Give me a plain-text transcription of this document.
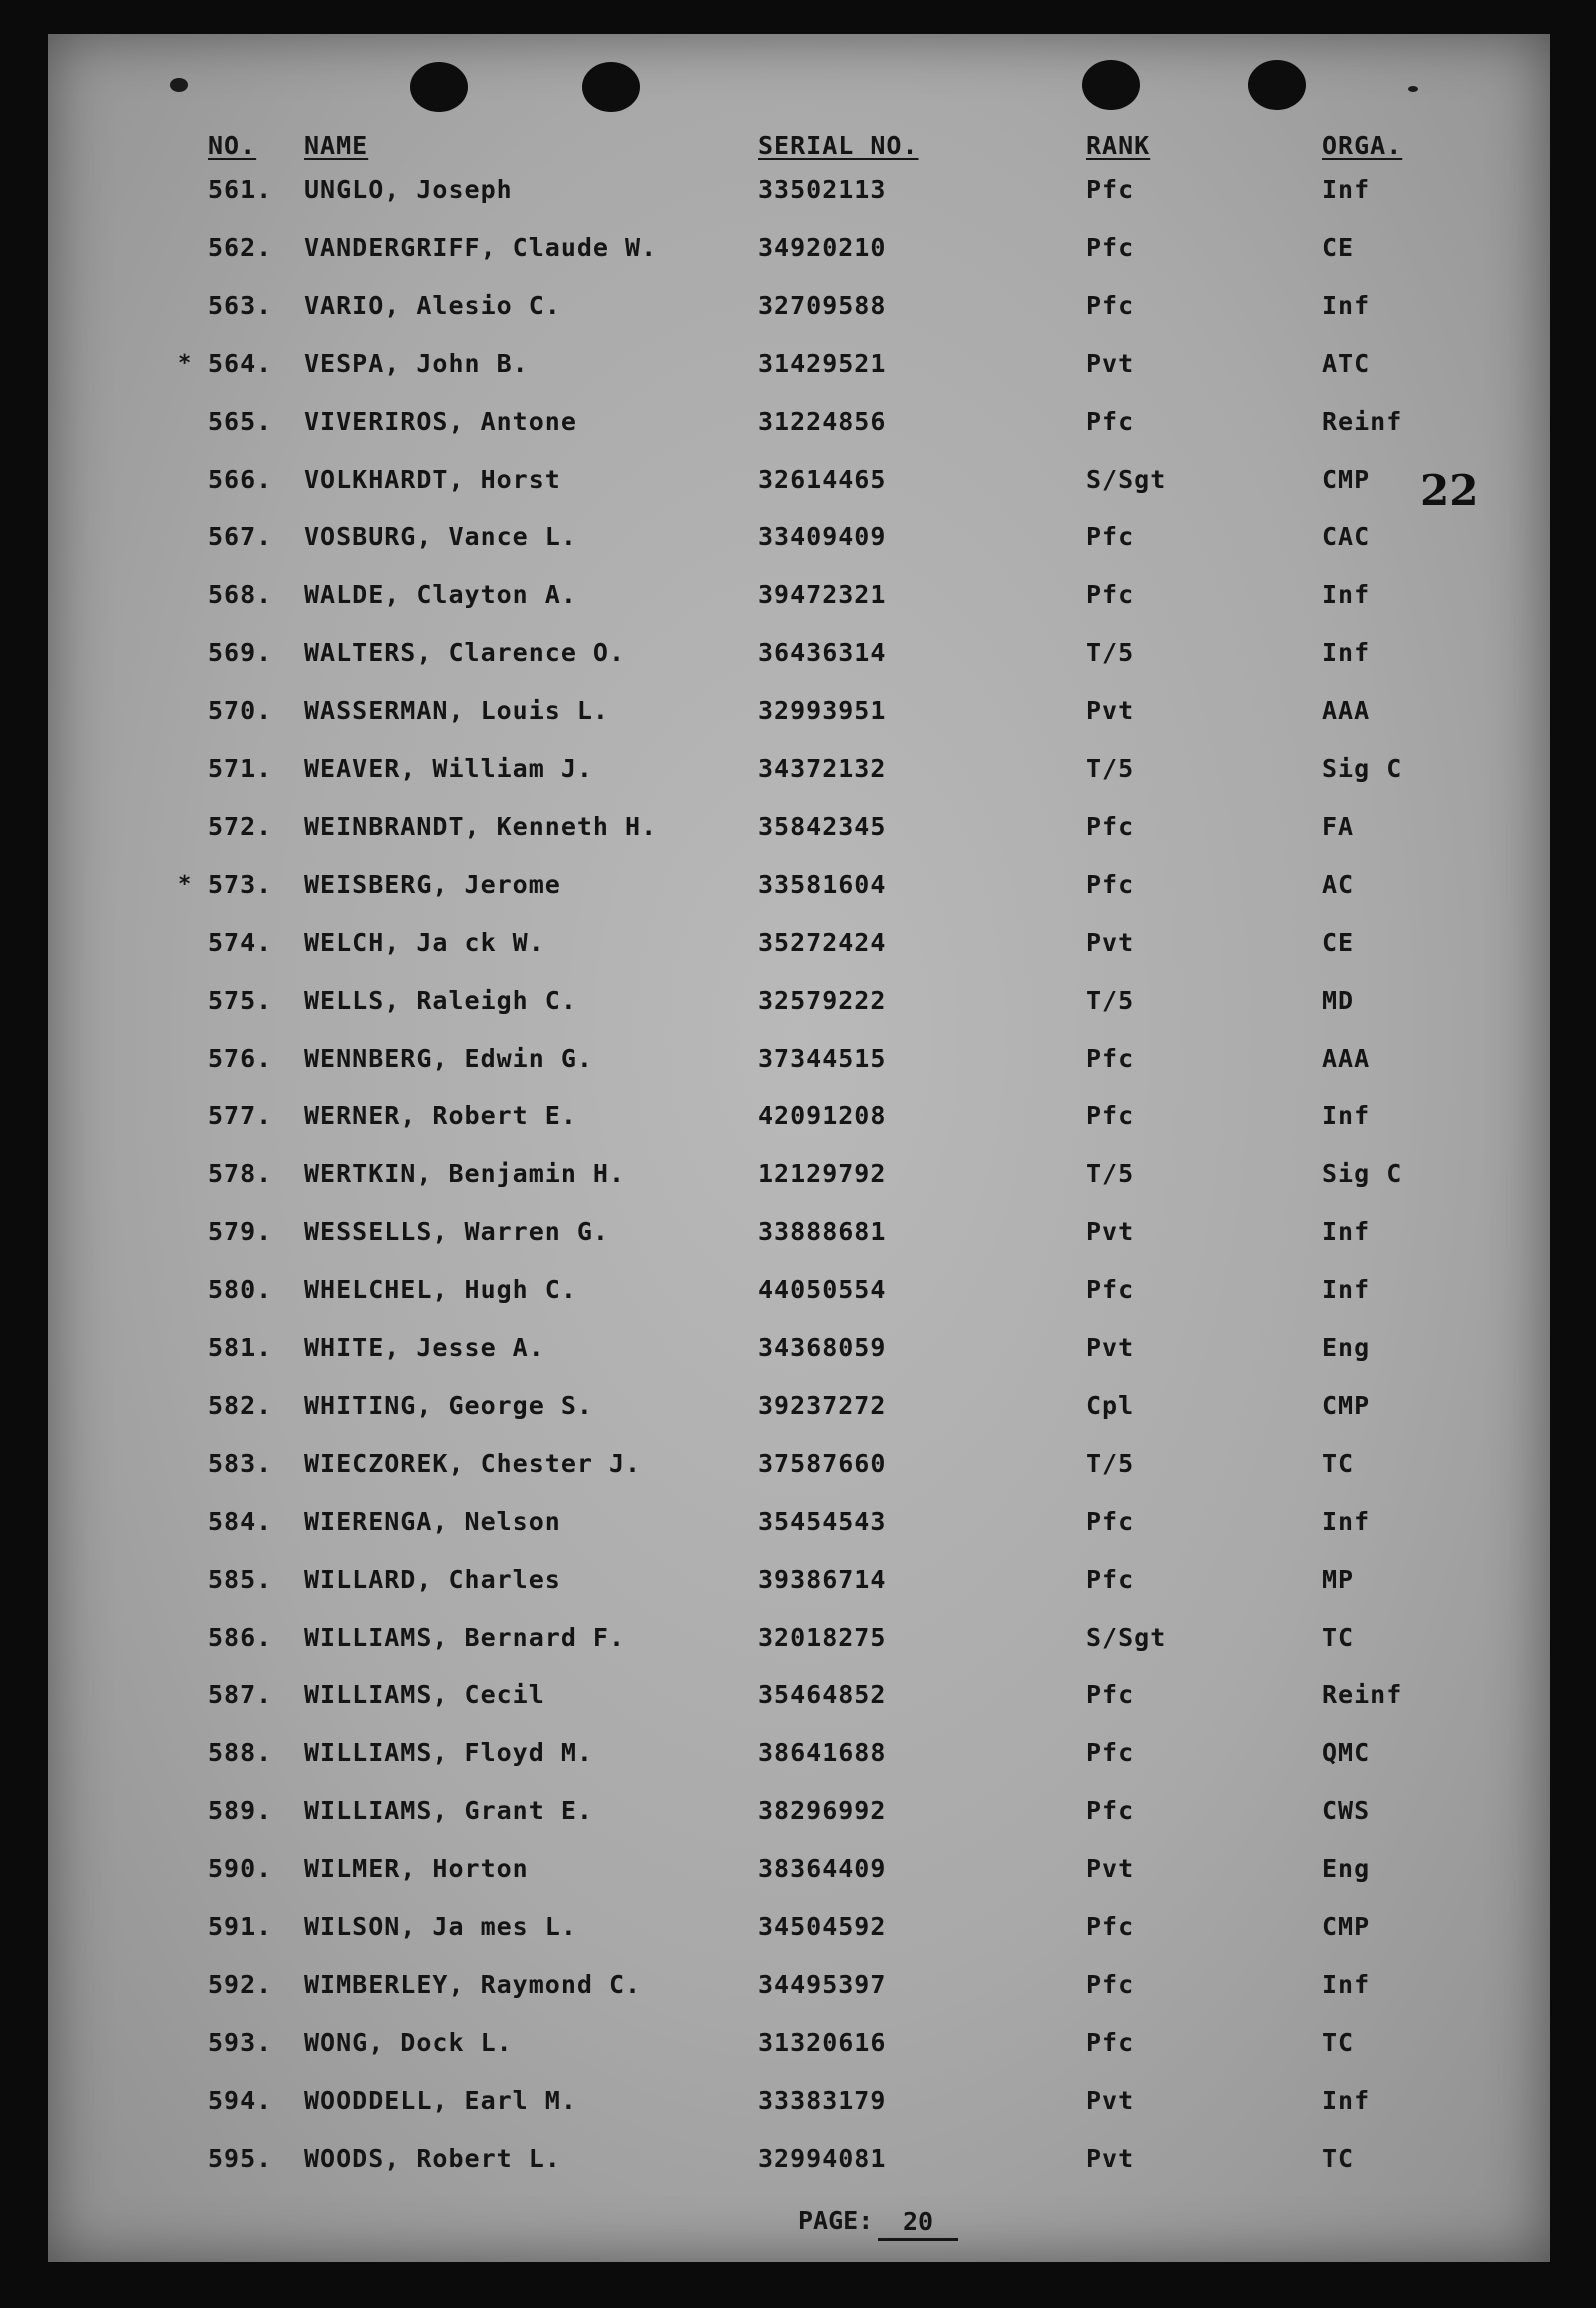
NO. NAME	SERIAL NO.	RANK	ORGA.
561. UNGLO, Joseph	33502113	Pfc	Inf
562. VANDERGRIFF, Claude W.	34920210	Pfc	CE
563. VARIO, Alesio C.	32709588	Pfc	Inf
* 564. VESPA, John B.	31429521	Pvt	ATC
565. VIVERIROS, Antone	31224856	Pfc	Reinf
566. VOLKHARDT, Horst	32614465	S/Sgt	CMP
567. VOSBURG, Vance L.	33409409	Pfc	CAC
568. WALDE, Clayton A.	39472321	Pfc	Inf
569. WALTERS, Clarence O.	36436314	T/5	Inf
570. WASSERMAN, Louis L.	32993951	Pvt	AAA
571. WEAVER, William J.	34372132	T/5	Sig C
572. WEINBRANDT, Kenneth H.	35842345	Pfc	FA
* 573. WEISBERG, Jerome	33581604	Pfc	AC
574. WELCH, Ja ck W.	35272424	Pvt	CE
575. WELLS, Raleigh C.	32579222	T/5	MD
576. WENNBERG, Edwin G.	37344515	Pfc	AAA
577. WERNER, Robert E.	42091208	Pfc	Inf
578. WERTKIN, Benjamin H.	12129792	T/5	Sig C
579. WESSELLS, Warren G.	33888681	Pvt	Inf
580. WHELCHEL, Hugh C.	44050554	Pfc	Inf
581. WHITE, Jesse A.	34368059	Pvt	Eng
582. WHITING, George S.	39237272	Cpl	CMP
583. WIECZOREK, Chester J.	37587660	T/5	TC
584. WIERENGA, Nelson	35454543	Pfc	Inf
585. WILLARD, Charles	39386714	Pfc	MP
586. WILLIAMS, Bernard F.	32018275	S/Sgt	TC
587. WILLIAMS, Cecil	35464852	Pfc	Reinf
588. WILLIAMS, Floyd M.	38641688	Pfc	QMC
589. WILLIAMS, Grant E.	38296992	Pfc	CWS
590. WILMER, Horton	38364409	Pvt	Eng
591. WILSON, Ja mes L.	34504592	Pfc	CMP
592. WIMBERLEY, Raymond C.	34495397	Pfc	Inf
593. WONG, Dock L.	31320616	Pfc	TC
594. WOODDELL, Earl M.	33383179	Pvt	Inf
595. WOODS, Robert L.	32994081	Pvt	TC
22
PAGE:	20
